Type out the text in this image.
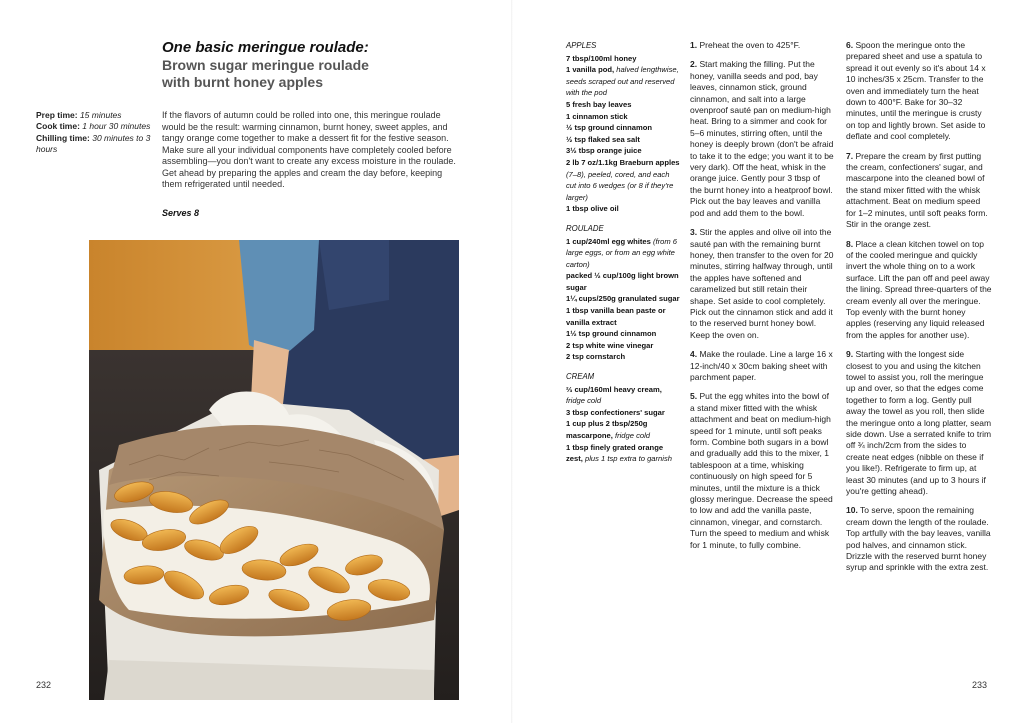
One basic meringue roulade:
Brown sugar meringue roulade
with burnt honey apples
Prep time: 15 minutes
Cook time: 1 hour 30 minutes
Chilling time: 30 minutes to 3 hours
If the flavors of autumn could be rolled into one, this meringue roulade would be the result: warming cinnamon, burnt honey, sweet apples, and tangy orange come together to make a dessert fit for the festive season. Make sure all your individual components have completely cooled before assembling—you don't want to create any excess moisture in the roulade. Get ahead by preparing the apples and cream the day before, keeping them refrigerated until needed.
Serves 8
232
APPLES
7 tbsp/100ml honey
1 vanilla pod, halved lengthwise, seeds scraped out and reserved with the pod
5 fresh bay leaves
1 cinnamon stick
½ tsp ground cinnamon
½ tsp flaked sea salt
3½ tbsp orange juice
2 lb 7 oz/1.1kg Braeburn apples (7–8), peeled, cored, and each cut into 6 wedges (or 8 if they're larger)
1 tbsp olive oil
ROULADE
1 cup/240ml egg whites (from 6 large eggs, or from an egg white carton)
packed ½ cup/100g light brown sugar
1¼ cups/250g granulated sugar
1 tbsp vanilla bean paste or vanilla extract
1½ tsp ground cinnamon
2 tsp white wine vinegar
2 tsp cornstarch
CREAM
⅔ cup/160ml heavy cream, fridge cold
3 tbsp confectioners' sugar
1 cup plus 2 tbsp/250g mascarpone, fridge cold
1 tbsp finely grated orange zest, plus 1 tsp extra to garnish

1. Preheat the oven to 425°F.

2. Start making the filling. Put the honey, vanilla seeds and pod, bay leaves, cinnamon stick, ground cinnamon, and salt into a large ovenproof sauté pan on medium-high heat. Bring to a simmer and cook for 5–6 minutes, stirring often, until the honey is deeply brown (don't be afraid to take it to the edge; you want it to be very dark). Off the heat, whisk in the orange juice. Gently pour 3 tbsp of the burnt honey into a heatproof bowl. Pick out the bay leaves and vanilla pod and add them to the bowl.

3. Stir the apples and olive oil into the sauté pan with the remaining burnt honey, then transfer to the oven for 20 minutes, stirring halfway through, until the apples have softened and caramelized but still retain their shape. Set aside to cool completely. Pick out the cinnamon stick and add it to the reserved burnt honey bowl. Keep the oven on.

4. Make the roulade. Line a large 16 x 12-inch/40 x 30cm baking sheet with parchment paper.

5. Put the egg whites into the bowl of a stand mixer fitted with the whisk attachment and beat on medium-high speed for 1 minute, until soft peaks form. Combine both sugars in a bowl and gradually add this to the mixer, 1 tablespoon at a time, whisking continuously on high speed for 5 minutes, until the mixture is a thick glossy meringue. Decrease the speed to low and add the vanilla paste, cinnamon, vinegar, and cornstarch. Turn the speed to medium and whisk for 1 minute, to fully combine.

6. Spoon the meringue onto the prepared sheet and use a spatula to spread it out evenly so it's about 14 x 10 inches/35 x 25cm. Transfer to the oven and immediately turn the heat down to 400°F. Bake for 30–32 minutes, until the meringue is crusty on top and lightly brown. Set aside to deflate and cool completely.

7. Prepare the cream by first putting the cream, confectioners' sugar, and mascarpone into the cleaned bowl of the stand mixer fitted with the whisk attachment. Beat on medium speed for 1–2 minutes, until soft peaks form. Stir in the orange zest.

8. Place a clean kitchen towel on top of the cooled meringue and quickly invert the whole thing on to a work surface. Lift the pan off and peel away the lining. Spread three-quarters of the cream evenly all over the meringue. Top evenly with the burnt honey apples (reserving any liquid released from the apples for another use).

9. Starting with the longest side closest to you and using the kitchen towel to assist you, roll the meringue up and over, so that the edges come together to form a log. Gently pull away the towel as you roll, then slide the meringue onto a long platter, seam side down. Use a serrated knife to trim off ¾ inch/2cm from the sides to create neat edges (nibble on these if you like!). Refrigerate to firm up, at least 30 minutes (and up to 3 hours if you're getting ahead).

10. To serve, spoon the remaining cream down the length of the roulade. Top artfully with the bay leaves, vanilla pod halves, and cinnamon stick. Drizzle with the reserved burnt honey syrup and sprinkle with the extra zest.

233
